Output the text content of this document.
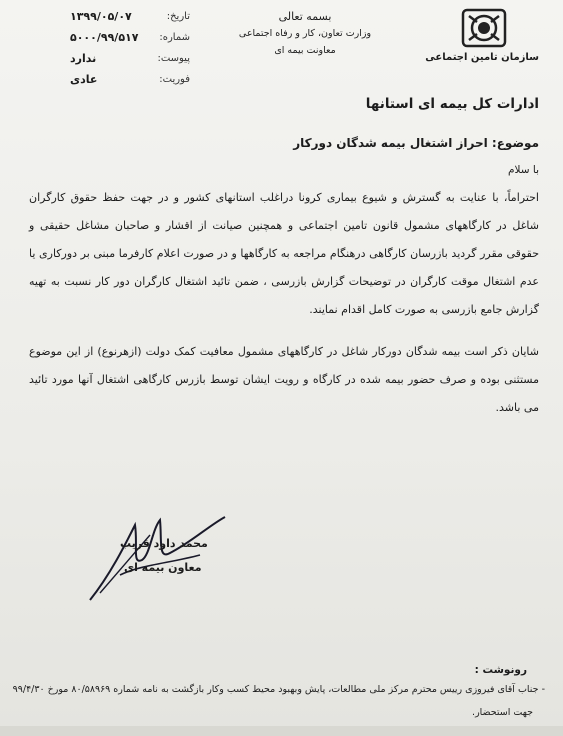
سازمان تامین اجتماعی
بسمه تعالی
وزارت تعاون، کار و رفاه اجتماعی
معاونت بیمه ای
تاریخ:
۱۳۹۹/۰۵/۰۷
شماره:
۵۰۰۰/۹۹/۵۱۷
پیوست:
ندارد
فوریت:
عادی
ادارات کل بیمه ای استانها
موضوع: احراز اشتغال بیمه شدگان دورکار
با سلام
احتراماً، با عنایت به گسترش و شیوع بیماری کرونا دراغلب استانهای کشور و در جهت حفظ حقوق کارگران شاغل در کارگاههای مشمول قانون تامین اجتماعی و همچنین صیانت از اقشار و صاحبان مشاغل حقیقی و حقوقی مقرر گردید بازرسان کارگاهی درهنگام مراجعه به کارگاهها و در صورت اعلام کارفرما مبنی بر دورکاری یا عدم اشتغال موقت کارگران در توضیحات گزارش بازرسی ، ضمن تائید اشتغال کارگران دور کار نسبت به تهیه گزارش جامع بازرسی به صورت کامل اقدام نمایند.
شایان ذکر است بیمه شدگان دورکار شاغل در کارگاههای مشمول معافیت کمک دولت (ازهرنوع) از این موضوع مستثنی بوده و صرف حضور بیمه شده در کارگاه و رویت ایشان توسط بازرس کارگاهی اشتغال آنها مورد تائید می باشد.
محمد داود قریب
معاون بیمه ای
رونوشت :
- جناب آقای فیروزی رییس محترم مرکز ملی مطالعات، پایش وبهبود محیط کسب وکار بازگشت به نامه شماره ۸۰/۵۸۹۶۹ مورخ ۹۹/۴/۳۰
جهت استحضار.
